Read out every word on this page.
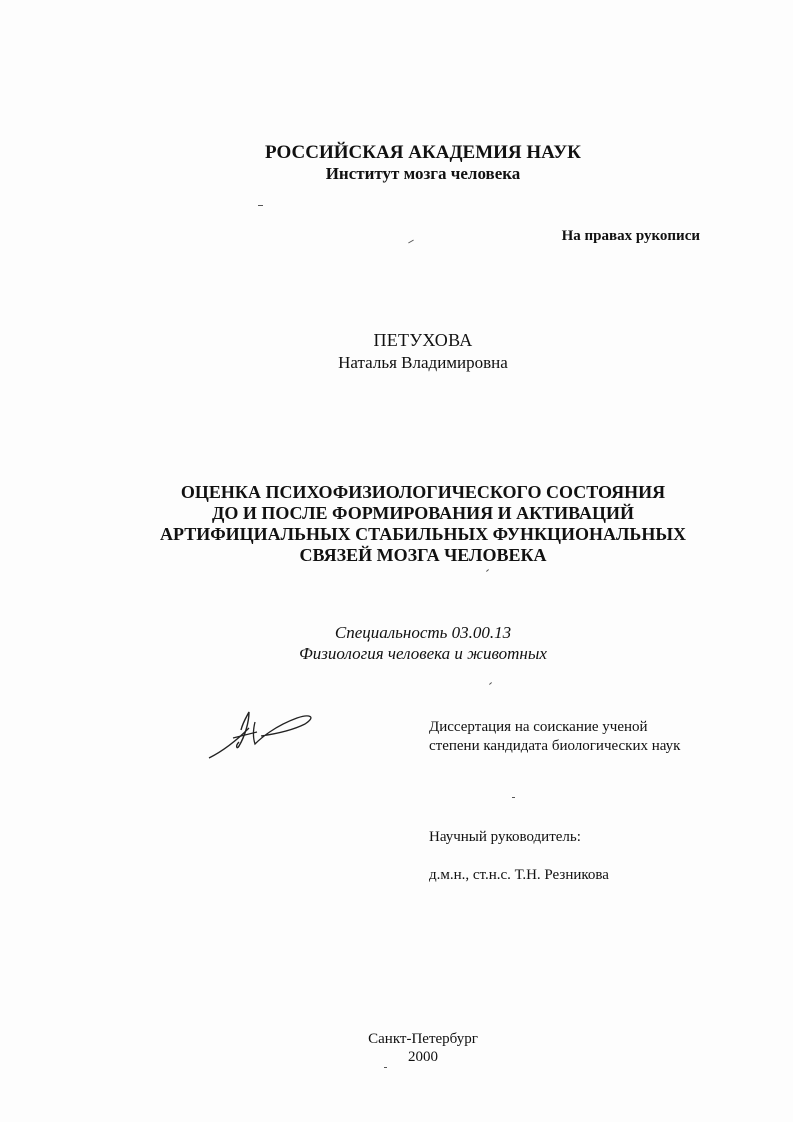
РОССИЙСКАЯ АКАДЕМИЯ НАУК
Институт мозга человека
На правах рукописи
ПЕТУХОВА
Наталья Владимировна
ОЦЕНКА ПСИХОФИЗИОЛОГИЧЕСКОГО СОСТОЯНИЯ
ДО И ПОСЛЕ ФОРМИРОВАНИЯ И АКТИВАЦИЙ
АРТИФИЦИАЛЬНЫХ СТАБИЛЬНЫХ ФУНКЦИОНАЛЬНЫХ
СВЯЗЕЙ МОЗГА ЧЕЛОВЕКА
Специальность 03.00.13
Физиология человека и животных
Диссертация на соискание ученой
степени кандидата биологических наук
Научный руководитель:
д.м.н., ст.н.с. Т.Н. Резникова
Санкт-Петербург
2000
